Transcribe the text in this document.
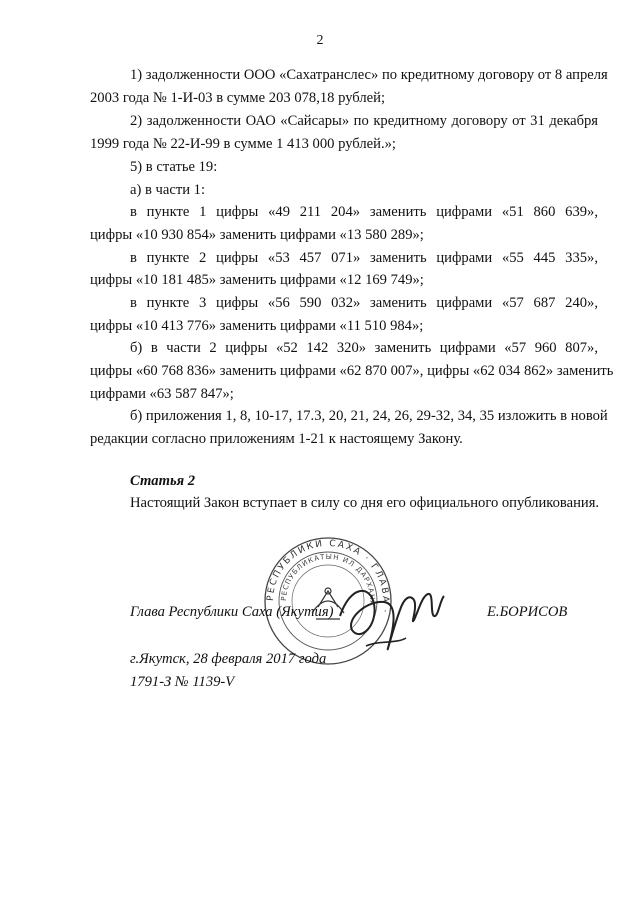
2
1) задолженности ООО «Сахатранслес» по кредитному договору от 8 апреля
2003 года № 1-И-03 в сумме 203 078,18 рублей;
2) задолженности ОАО «Сайсары» по кредитному договору от 31 декабря
1999 года № 22-И-99 в сумме 1 413 000 рублей.»;
5) в статье 19:
а) в части 1:
в пункте 1 цифры «49 211 204» заменить цифрами «51 860 639»,
цифры «10 930 854» заменить цифрами «13 580 289»;
в пункте 2 цифры «53 457 071» заменить цифрами «55 445 335»,
цифры «10 181 485» заменить цифрами «12 169 749»;
в пункте 3 цифры «56 590 032» заменить цифрами «57 687 240»,
цифры «10 413 776» заменить цифрами «11 510 984»;
б) в части 2 цифры «52 142 320» заменить цифрами «57 960 807»,
цифры «60 768 836» заменить цифрами «62 870 007», цифры «62 034 862» заменить
цифрами «63 587 847»;
б) приложения 1, 8, 10-17, 17.3, 20, 21, 24, 26, 29-32, 34, 35 изложить в новой
редакции согласно приложениям 1-21 к настоящему Закону.
Статья 2
Настоящий Закон вступает в силу со дня его официального опубликования.
РЕСПУБЛИКИ САХА · ГЛАВА ·
РЕСПУБЛИКАТЫН ИЛ ДАРХАНА
Глава Республики Саха (Якутия)	Е.БОРИСОВ
г.Якутск, 28 февраля 2017 года
1791-З № 1139-V
